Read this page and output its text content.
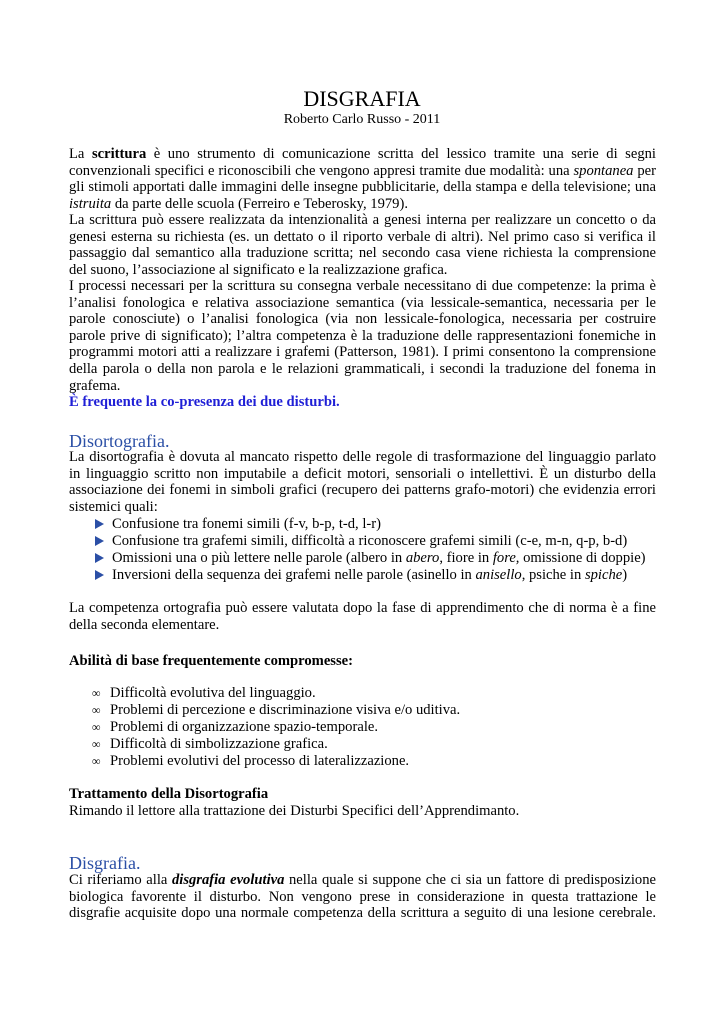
DISGRAFIA
Roberto Carlo Russo - 2011
La scrittura è uno strumento di comunicazione scritta del lessico tramite una serie di segni
convenzionali specifici e riconoscibili che vengono appresi tramite due modalità: una spontanea per
gli stimoli apportati dalle immagini delle insegne pubblicitarie, della stampa e della televisione; una
istruita da parte delle scuola (Ferreiro e Teberosky, 1979).
La scrittura può essere realizzata da intenzionalità a genesi interna per realizzare un concetto o da
genesi esterna su richiesta (es. un dettato o il riporto verbale di altri). Nel primo caso si verifica il
passaggio dal semantico alla traduzione scritta; nel secondo casa viene richiesta la comprensione
del suono, l’associazione al significato e la realizzazione grafica.
I processi necessari per la scrittura su consegna verbale necessitano di due competenze: la prima è
l’analisi fonologica e relativa associazione semantica (via lessicale-semantica, necessaria per le
parole conosciute) o l’analisi fonologica (via non lessicale-fonologica, necessaria per costruire
parole prive di significato); l’altra competenza è la traduzione delle rappresentazioni fonemiche in
programmi motori atti a realizzare i grafemi (Patterson, 1981). I primi consentono la comprensione
della parola o della non parola e le relazioni grammaticali, i secondi la traduzione del fonema in
grafema.
È frequente la co-presenza dei due disturbi.
Disortografia.
La disortografia è dovuta al mancato rispetto delle regole di trasformazione del linguaggio parlato
in linguaggio scritto non imputabile a deficit motori, sensoriali o intellettivi. È un disturbo della
associazione dei fonemi in simboli grafici (recupero dei patterns grafo-motori) che evidenzia errori
sistemici quali:
Confusione tra fonemi simili (f-v, b-p, t-d, l-r)
Confusione tra grafemi simili, difficoltà a riconoscere grafemi simili (c-e, m-n, q-p, b-d)
Omissioni una o più lettere nelle parole (albero in abero, fiore in fore, omissione di doppie)
Inversioni della sequenza dei grafemi nelle parole (asinello in anisello, psiche in spiche)
La competenza ortografia può essere valutata dopo la fase di apprendimento che di norma è a fine
della seconda elementare.
Abilità di base frequentemente compromesse:
∞ Difficoltà evolutiva del linguaggio.
∞ Problemi di percezione e discriminazione visiva e/o uditiva.
∞ Problemi di organizzazione spazio-temporale.
∞ Difficoltà di simbolizzazione grafica.
∞ Problemi evolutivi del processo di lateralizzazione.
Trattamento della Disortografia
Rimando il lettore alla trattazione dei Disturbi Specifici dell’Apprendimanto.
Disgrafia.
Ci riferiamo alla disgrafia evolutiva nella quale si suppone che ci sia un fattore di predisposizione
biologica favorente il disturbo. Non vengono prese in considerazione in questa trattazione le
disgrafie acquisite dopo una normale competenza della scrittura a seguito di una lesione cerebrale.
